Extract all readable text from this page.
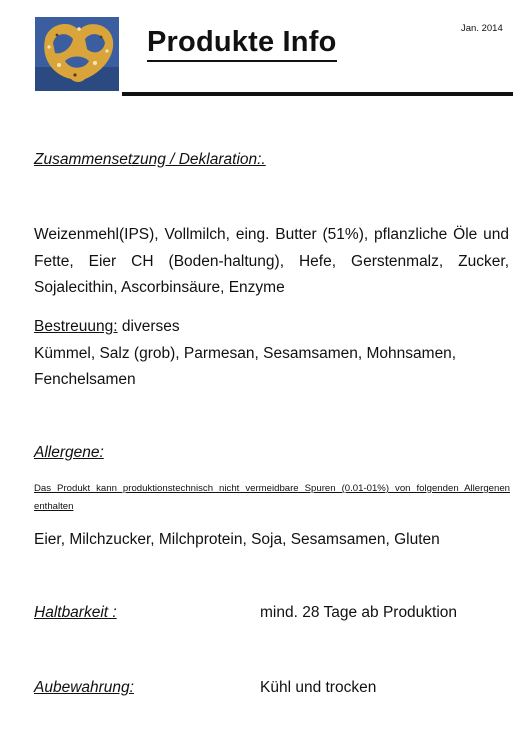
Produkte Info	Jan. 2014
Zusammensetzung / Deklaration:.
Weizenmehl(IPS), Vollmilch, eing. Butter (51%), pflanzliche Öle und Fette, Eier CH (Boden-haltung), Hefe, Gerstenmalz, Zucker, Sojalecithin, Ascorbinsäure, Enzyme
Bestreuung: diverses
Kümmel, Salz (grob), Parmesan, Sesamsamen, Mohnsamen, Fenchelsamen
Allergene:
Das Produkt kann produktionstechnisch nicht vermeidbare Spuren (0.01-01%) von folgenden Allergenen enthalten
Eier, Milchzucker, Milchprotein, Soja, Sesamsamen, Gluten
Haltbarkeit :	mind. 28 Tage ab Produktion
Aubewahrung:	Kühl und trocken
